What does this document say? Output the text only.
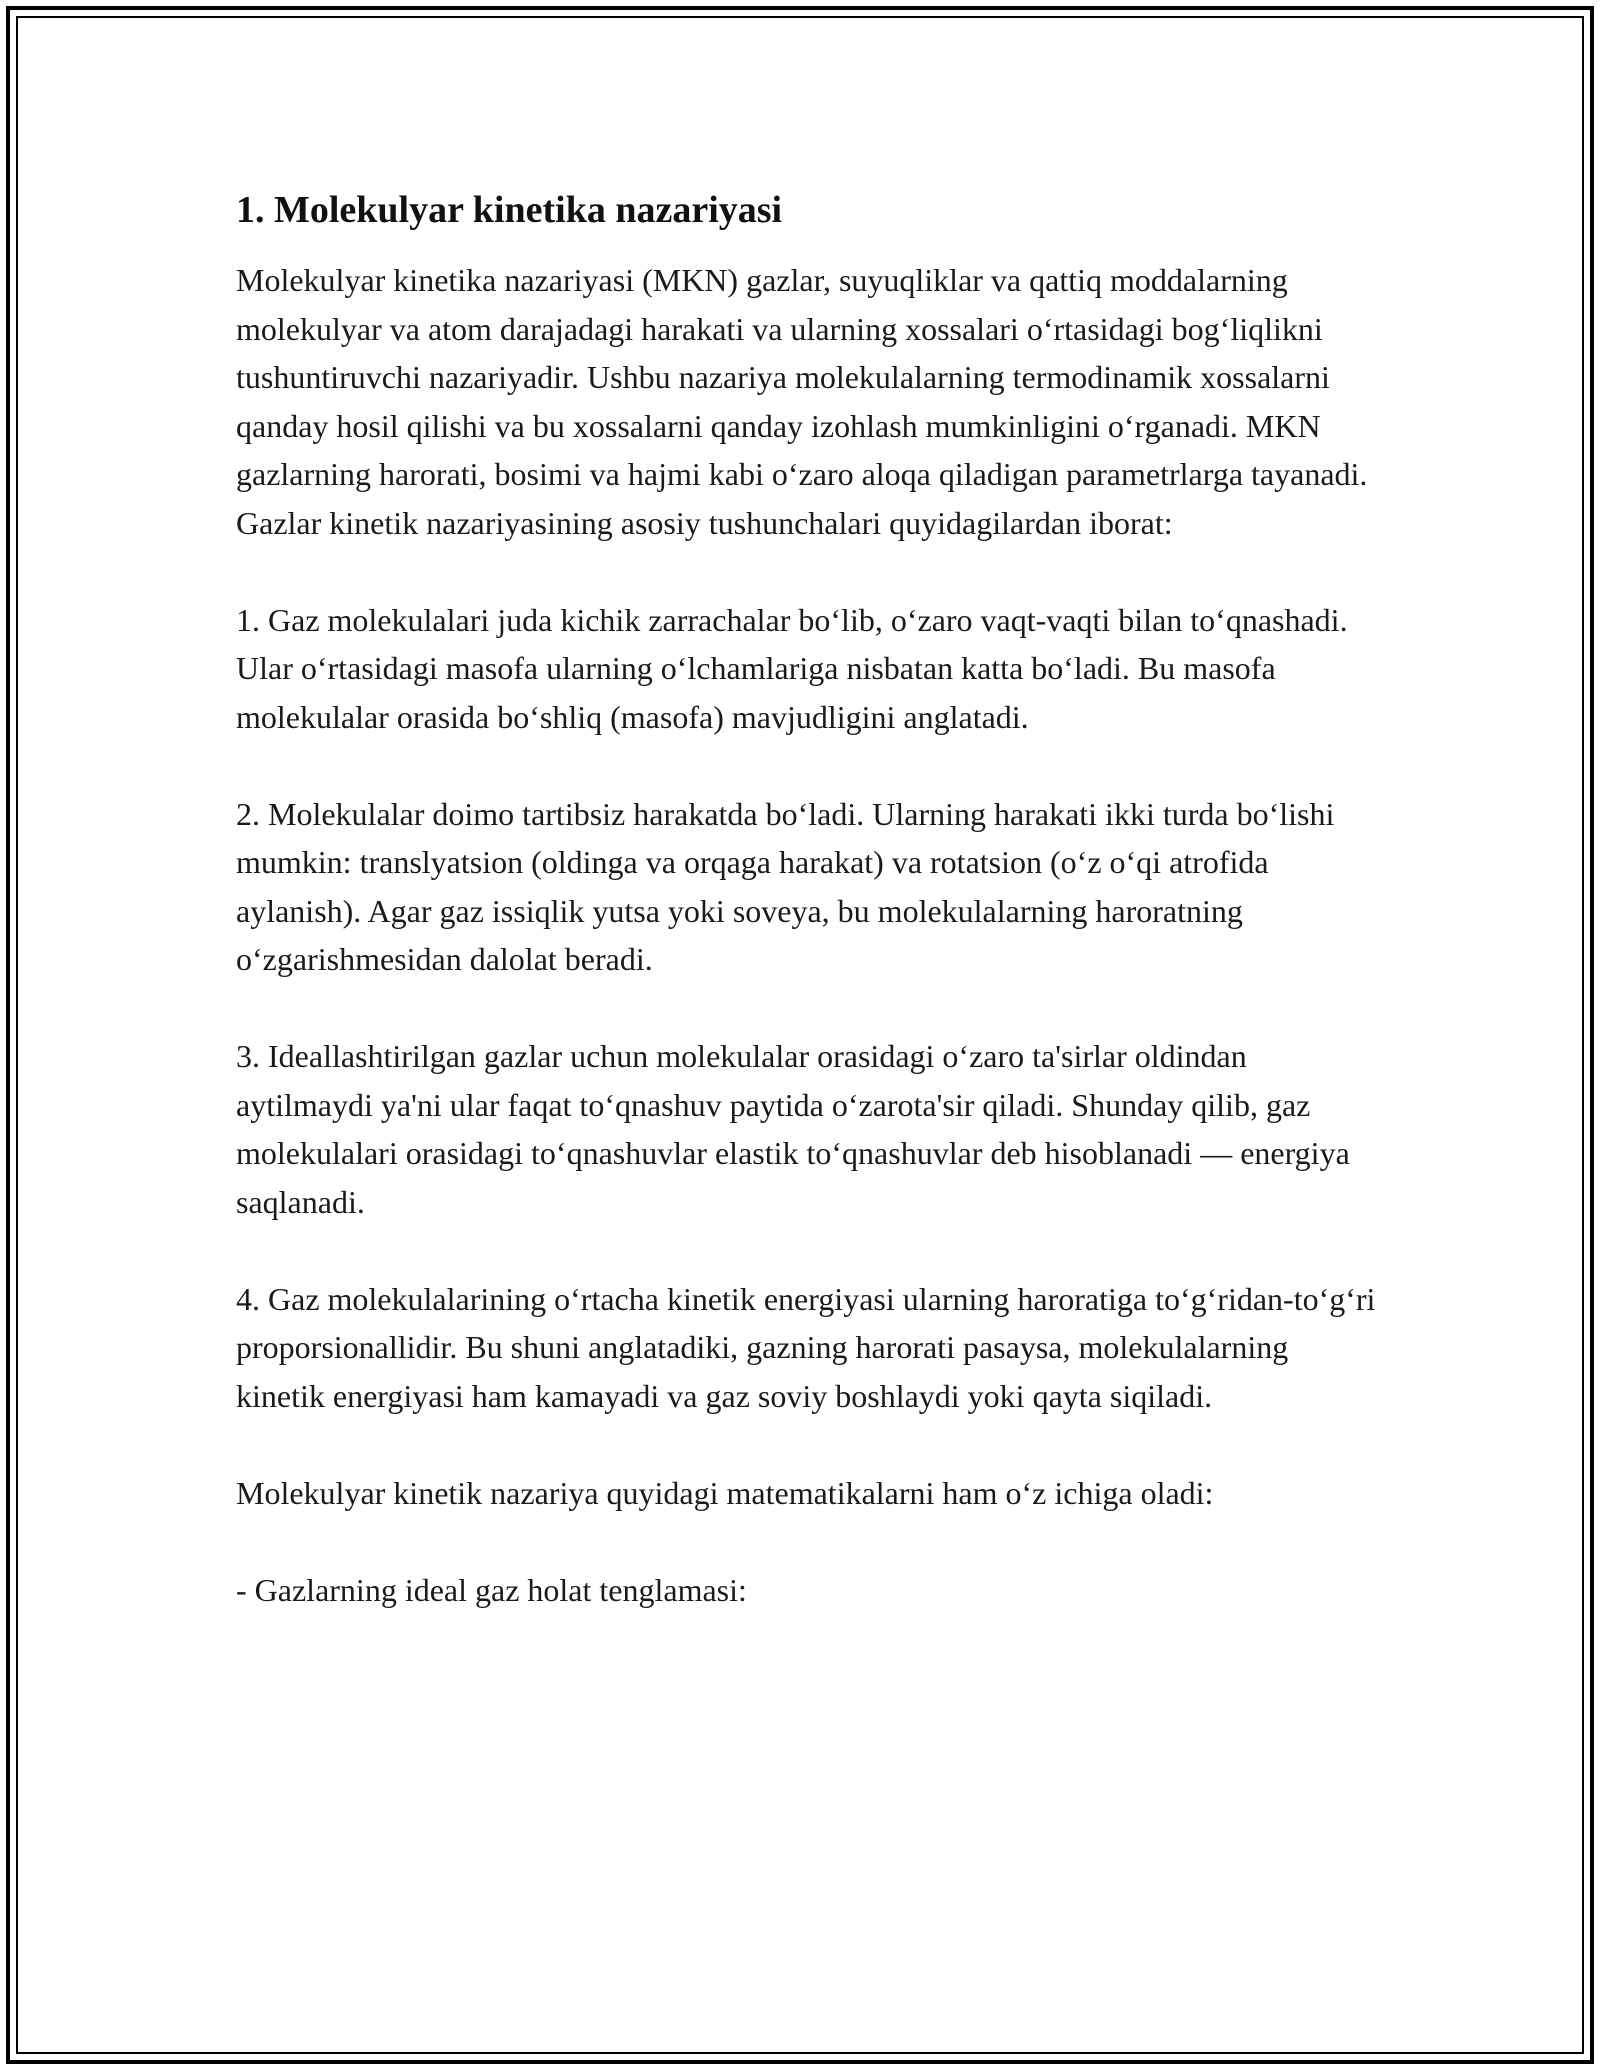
1. Molekulyar kinetika nazariyasi

Molekulyar kinetika nazariyasi (MKN) gazlar, suyuqliklar va qattiq moddalarning molekulyar va atom darajadagi harakati va ularning xossalari oʻrtasidagi bogʻliqlikni tushuntiruvchi nazariyadir. Ushbu nazariya molekulalarning termodinamik xossalarni qanday hosil qilishi va bu xossalarni qanday izohlash mumkinligini oʻrganadi. MKN gazlarning harorati, bosimi va hajmi kabi oʻzaro aloqa qiladigan parametrlarga tayanadi. Gazlar kinetik nazariyasining asosiy tushunchalari quyidagilardan iborat:

1. Gaz molekulalari juda kichik zarrachalar boʻlib, oʻzaro vaqt-vaqti bilan toʻqnashadi. Ular oʻrtasidagi masofa ularning oʻlchamlariga nisbatan katta boʻladi. Bu masofa molekulalar orasida boʻshliq (masofa) mavjudligini anglatadi.

2. Molekulalar doimo tartibsiz harakatda boʻladi. Ularning harakati ikki turda boʻlishi mumkin: translyatsion (oldinga va orqaga harakat) va rotatsion (oʻz oʻqi atrofida aylanish). Agar gaz issiqlik yutsa yoki soveya, bu molekulalarning haroratning oʻzgarishmesidan dalolat beradi.

3. Ideallashtirilgan gazlar uchun molekulalar orasidagi oʻzaro ta'sirlar oldindan aytilmaydi ya'ni ular faqat toʻqnashuv paytida oʻzarota'sir qiladi. Shunday qilib, gaz molekulalari orasidagi toʻqnashuvlar elastik toʻqnashuvlar deb hisoblanadi — energiya saqlanadi.

4. Gaz molekulalarining oʻrtacha kinetik energiyasi ularning haroratiga toʻgʻridan-toʻgʻri proporsionallidir. Bu shuni anglatadiki, gazning harorati pasaysa, molekulalarning kinetik energiyasi ham kamayadi va gaz soviy boshlaydi yoki qayta siqiladi.

Molekulyar kinetik nazariya quyidagi matematikalarni ham oʻz ichiga oladi:

- Gazlarning ideal gaz holat tenglamasi:
